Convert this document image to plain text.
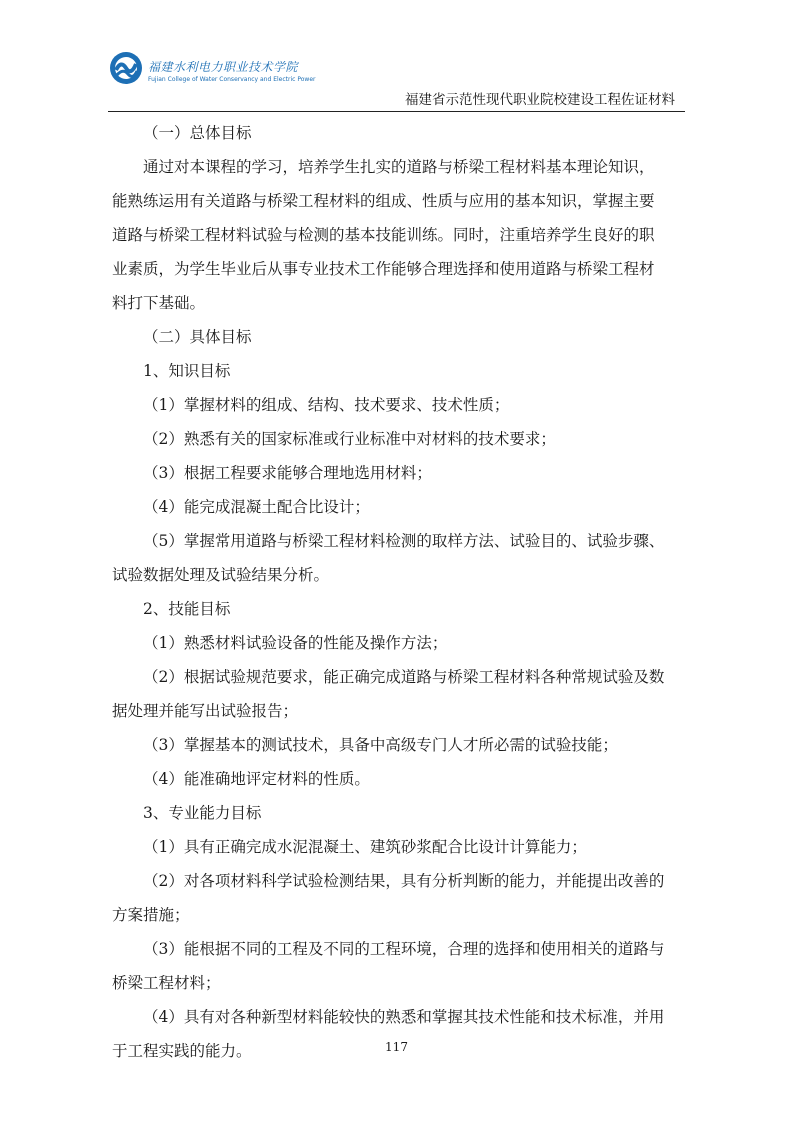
福建水利电力职业技术学院
Fujian College of Water Conservancy and Electric Power
福建省示范性现代职业院校建设工程佐证材料
（一）总体目标
通过对本课程的学习，培养学生扎实的道路与桥梁工程材料基本理论知识，
能熟练运用有关道路与桥梁工程材料的组成、性质与应用的基本知识，掌握主要
道路与桥梁工程材料试验与检测的基本技能训练。同时，注重培养学生良好的职
业素质，为学生毕业后从事专业技术工作能够合理选择和使用道路与桥梁工程材
料打下基础。
（二）具体目标
1、知识目标
（1）掌握材料的组成、结构、技术要求、技术性质；
（2）熟悉有关的国家标准或行业标准中对材料的技术要求；
（3）根据工程要求能够合理地选用材料；
（4）能完成混凝土配合比设计；
（5）掌握常用道路与桥梁工程材料检测的取样方法、试验目的、试验步骤、
试验数据处理及试验结果分析。
2、技能目标
（1）熟悉材料试验设备的性能及操作方法；
（2）根据试验规范要求，能正确完成道路与桥梁工程材料各种常规试验及数
据处理并能写出试验报告；
（3）掌握基本的测试技术，具备中高级专门人才所必需的试验技能；
（4）能准确地评定材料的性质。
3、专业能力目标
（1）具有正确完成水泥混凝土、建筑砂浆配合比设计计算能力；
（2）对各项材料科学试验检测结果，具有分析判断的能力，并能提出改善的
方案措施；
（3）能根据不同的工程及不同的工程环境，合理的选择和使用相关的道路与
桥梁工程材料；
（4）具有对各种新型材料能较快的熟悉和掌握其技术性能和技术标准，并用
于工程实践的能力。	117
